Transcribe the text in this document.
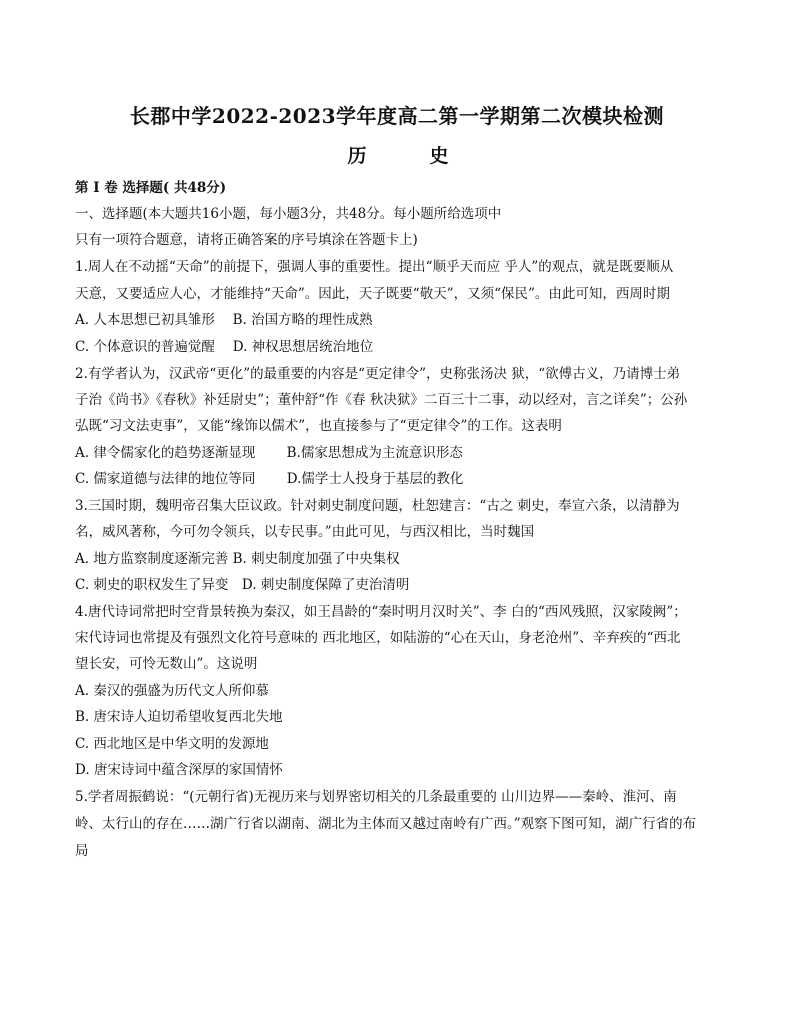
长郡中学2022-2023学年度高二第一学期第二次模块检测
历　史
第 I 卷 选择题( 共48分)
一、选择题(本大题共16小题，每小题3分，共48分。每小题所给选项中
只有一项符合题意，请将正确答案的序号填涂在答题卡上)
1.周人在不动摇“天命”的前提下，强调人事的重要性。提出“顺乎天而应 乎人”的观点，就是既要顺从
天意，又要适应人心，才能维持“天命”。因此，天子既要“敬天”，又须“保民”。由此可知，西周时期
A. 人本思想已初具雏形　 B. 治国方略的理性成熟
C. 个体意识的普遍觉醒　 D. 神权思想居统治地位
2.有学者认为，汉武帝“更化”的最重要的内容是“更定律令”，史称张汤决 狱，“欲傅古义，乃请博士弟
子治《尚书》《春秋》补廷尉史”；董仲舒“作《春 秋决狱》二百三十二事，动以经对，言之详矣”；公孙
弘既“习文法吏事”，又能“缘饰以儒术”，也直接参与了“更定律令”的工作。这表明
A. 律令儒家化的趋势逐渐显现　　 B.儒家思想成为主流意识形态
C. 儒家道德与法律的地位等同　　 D.儒学士人投身于基层的教化
3.三国时期，魏明帝召集大臣议政。针对刺史制度问题，杜恕建言：“古之 刺史，奉宣六条，以清静为
名，威风著称，今可勿令领兵，以专民事。”由此可见，与西汉相比，当时魏国
A. 地方监察制度逐渐完善 B. 刺史制度加强了中央集权
C. 刺史的职权发生了异变　D. 刺史制度保障了吏治清明
4.唐代诗词常把时空背景转换为秦汉，如王昌龄的“秦时明月汉时关”、李 白的“西风残照，汉家陵阙”；
宋代诗词也常提及有强烈文化符号意味的 西北地区，如陆游的“心在天山，身老沧州”、辛弃疾的“西北
望长安，可怜无数山”。这说明
A. 秦汉的强盛为历代文人所仰慕
B. 唐宋诗人迫切希望收复西北失地
C. 西北地区是中华文明的发源地
D. 唐宋诗词中蕴含深厚的家国情怀
5.学者周振鹤说：“(元朝行省)无视历来与划界密切相关的几条最重要的 山川边界——秦岭、淮河、南
岭、太行山的存在……湖广行省以湖南、湖北为主体而又越过南岭有广西。”观察下图可知，湖广行省的布
局
